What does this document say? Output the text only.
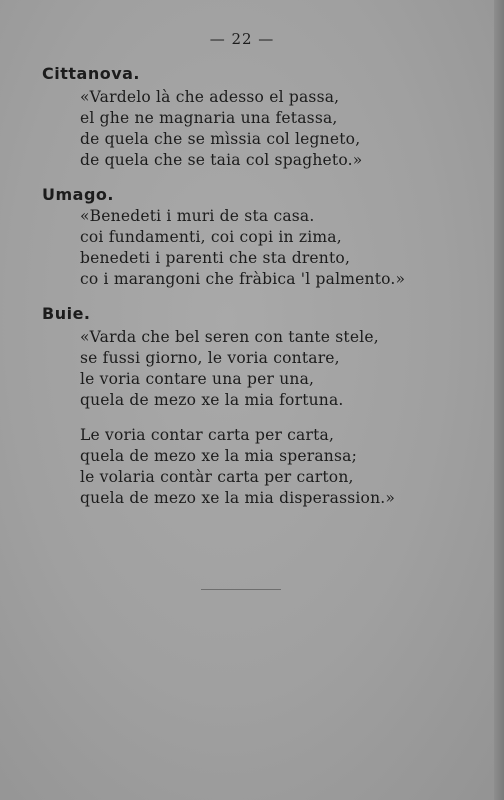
— 22 —
Cittanova.
«Vardelo là che adesso el passa,
el ghe ne magnaria una fetassa,
de quela che se mìssia col legneto,
de quela che se taia col spagheto.»
Umago.
«Benedeti i muri de sta casa.
coi fundamenti, coi copi in zima,
benedeti i parenti che sta drento,
co i marangoni che fràbica 'l palmento.»
Buie.
«Varda che bel seren con tante stele,
se fussi giorno, le voria contare,
le voria contare una per una,
quela de mezo xe la mia fortuna.
Le voria contar carta per carta,
quela de mezo xe la mia speransa;
le volaria contàr carta per carton,
quela de mezo xe la mia disperassion.»
